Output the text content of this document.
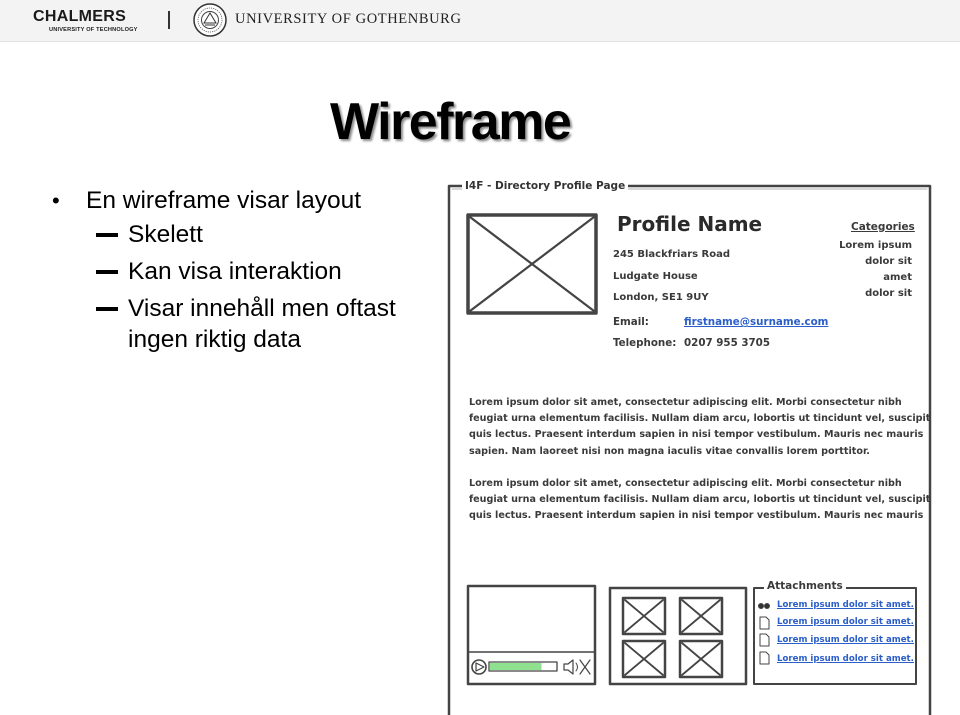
CHALMERS
UNIVERSITY OF TECHNOLOGY
UNIVERSITY OF GOTHENBURG
Wireframe
• En wireframe visar layout
Skelett
Kan visa interaktion
Visar innehåll men oftast ingen riktig data
I4F - Directory Profile Page
Profile Name
245 Blackfriars Road
Ludgate House
London, SE1 9UY
Email:	firstname@surname.com
Telephone: 0207 955 3705
Categories
Lorem ipsum
dolor sit
amet
dolor sit
Lorem ipsum dolor sit amet, consectetur adipiscing elit. Morbi consectetur nibh
feugiat urna elementum facilisis. Nullam diam arcu, lobortis ut tincidunt vel, suscipit
quis lectus. Praesent interdum sapien in nisi tempor vestibulum. Mauris nec mauris
sapien. Nam laoreet nisi non magna iaculis vitae convallis lorem porttitor.
Lorem ipsum dolor sit amet, consectetur adipiscing elit. Morbi consectetur nibh
feugiat urna elementum facilisis. Nullam diam arcu, lobortis ut tincidunt vel, suscipit
quis lectus. Praesent interdum sapien in nisi tempor vestibulum. Mauris nec mauris
Attachments
Lorem ipsum dolor sit amet.
Lorem ipsum dolor sit amet.
Lorem ipsum dolor sit amet.
Lorem ipsum dolor sit amet.
